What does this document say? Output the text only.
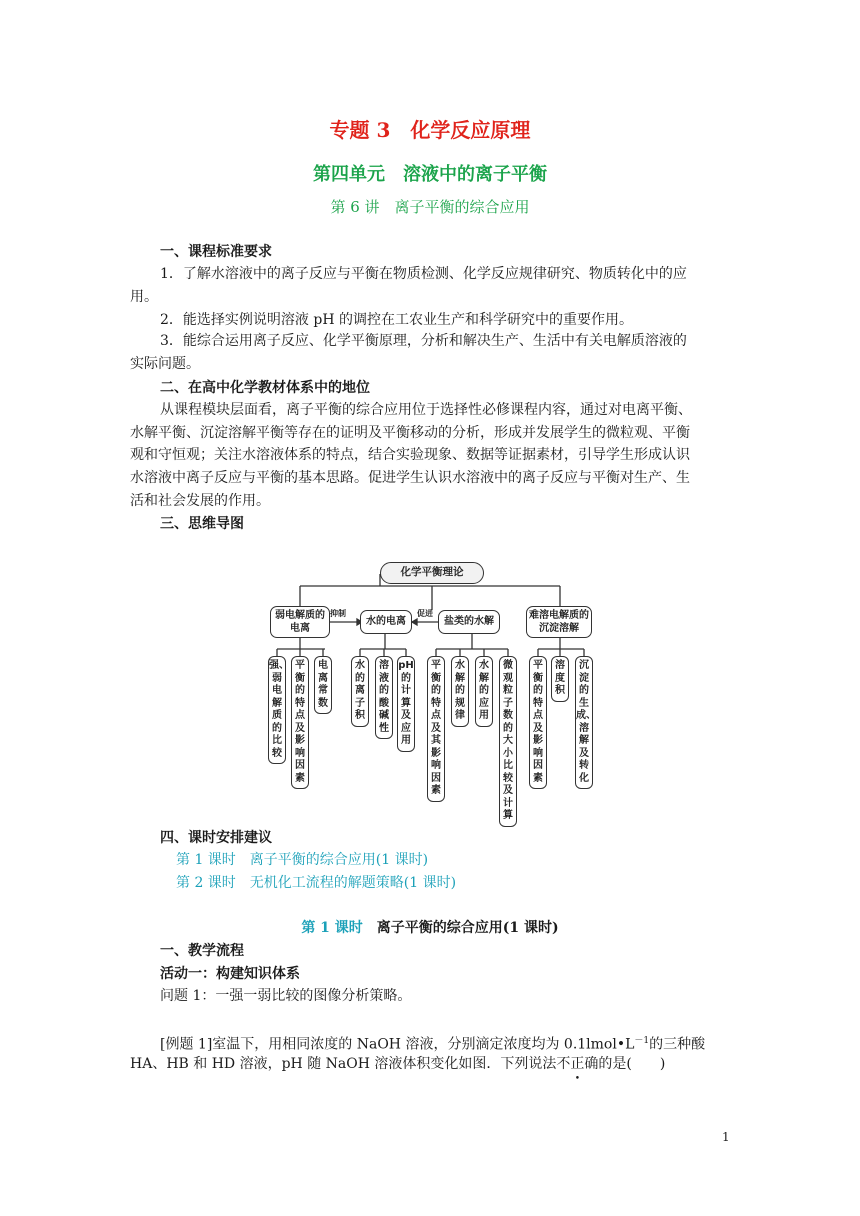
专题 3　化学反应原理
第四单元　溶液中的离子平衡
第 6 讲　离子平衡的综合应用
一、课程标准要求
1．了解水溶液中的离子反应与平衡在物质检测、化学反应规律研究、物质转化中的应
用。
2．能选择实例说明溶液 pH 的调控在工农业生产和科学研究中的重要作用。
3．能综合运用离子反应、化学平衡原理，分析和解决生产、生活中有关电解质溶液的
实际问题。
二、在高中化学教材体系中的地位
从课程模块层面看，离子平衡的综合应用位于选择性必修课程内容，通过对电离平衡、
水解平衡、沉淀溶解平衡等存在的证明及平衡移动的分析，形成并发展学生的微粒观、平衡
观和守恒观；关注水溶液体系的特点，结合实验现象、数据等证据素材，引导学生形成认识
水溶液中离子反应与平衡的基本思路。促进学生认识水溶液中的离子反应与平衡对生产、生
活和社会发展的作用。
三、思维导图
化学平衡理论
弱电解质的电离
水的电离	盐类的水解
难溶电解质的沉淀溶解
抑制	促进
强、弱电解质的比较
平衡的特点及影响因素
电离常数
水的离子积
溶液的酸碱性
pH的计算及应用
平衡的特点及其影响因素
水解的规律
水解的应用
微观粒子数的大小比较及计算
平衡的特点及影响因素
溶度积
沉淀的生成、溶解及转化
四、课时安排建议
第 1 课时　离子平衡的综合应用(1 课时)
第 2 课时　无机化工流程的解题策略(1 课时)
第 1 课时　离子平衡的综合应用(1 课时)
一、教学流程
活动一：构建知识体系
问题 1：一强一弱比较的图像分析策略。
[例题 1]室温下，用相同浓度的 NaOH 溶液，分别滴定浓度均为 $0.1lmol•L^{-1}$的三种酸
HA、HB 和 HD 溶液，pH 随 NaOH 溶液体积变化如图．下列说法不正确的是(　　)
1
